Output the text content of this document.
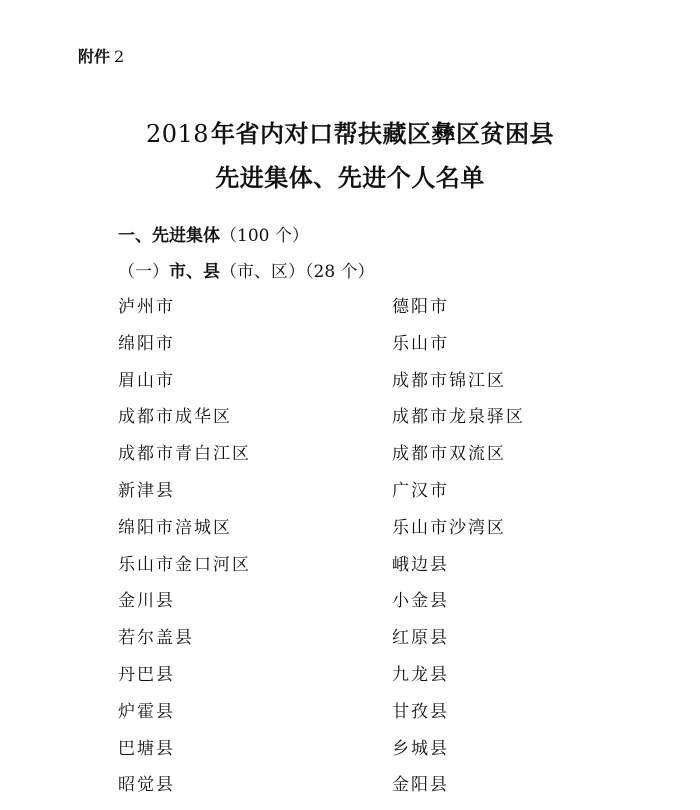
附件 2
2018年省内对口帮扶藏区彝区贫困县
先进集体、先进个人名单
一、先进集体（100 个）
（一）市、县（市、区）（28 个）
泸州市	德阳市
绵阳市	乐山市
眉山市	成都市锦江区
成都市成华区	成都市龙泉驿区
成都市青白江区	成都市双流区
新津县	广汉市
绵阳市涪城区	乐山市沙湾区
乐山市金口河区	峨边县
金川县	小金县
若尔盖县	红原县
丹巴县	九龙县
炉霍县	甘孜县
巴塘县	乡城县
昭觉县	金阳县
